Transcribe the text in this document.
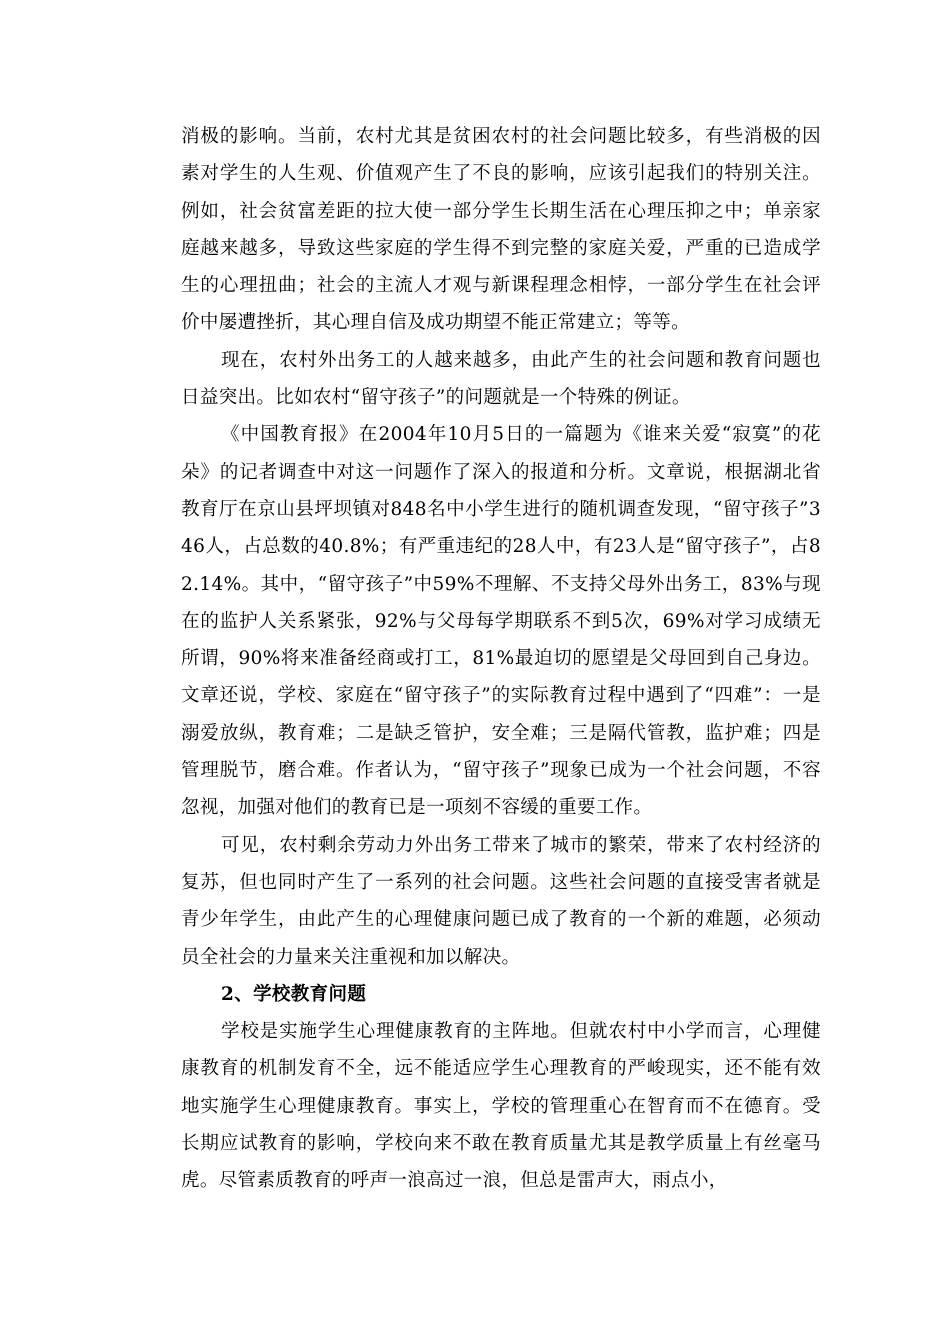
消极的影响。当前，农村尤其是贫困农村的社会问题比较多，有些消极的因素对学生的人生观、价值观产生了不良的影响，应该引起我们的特别关注。例如，社会贫富差距的拉大使一部分学生长期生活在心理压抑之中；单亲家庭越来越多，导致这些家庭的学生得不到完整的家庭关爱，严重的已造成学生的心理扭曲；社会的主流人才观与新课程理念相悖，一部分学生在社会评价中屡遭挫折，其心理自信及成功期望不能正常建立；等等。

现在，农村外出务工的人越来越多，由此产生的社会问题和教育问题也日益突出。比如农村“留守孩子”的问题就是一个特殊的例证。

《中国教育报》在2004年10月5日的一篇题为《谁来关爱“寂寞”的花朵》的记者调查中对这一问题作了深入的报道和分析。文章说，根据湖北省教育厅在京山县坪坝镇对848名中小学生进行的随机调查发现，“留守孩子”346人，占总数的40.8%；有严重违纪的28人中，有23人是“留守孩子”，占82.14%。其中，“留守孩子”中59%不理解、不支持父母外出务工，83%与现在的监护人关系紧张，92%与父母每学期联系不到5次，69%对学习成绩无所谓，90%将来准备经商或打工，81%最迫切的愿望是父母回到自己身边。文章还说，学校、家庭在“留守孩子”的实际教育过程中遇到了“四难”：一是溺爱放纵，教育难；二是缺乏管护，安全难；三是隔代管教，监护难；四是管理脱节，磨合难。作者认为，“留守孩子”现象已成为一个社会问题，不容忽视，加强对他们的教育已是一项刻不容缓的重要工作。

可见，农村剩余劳动力外出务工带来了城市的繁荣，带来了农村经济的复苏，但也同时产生了一系列的社会问题。这些社会问题的直接受害者就是青少年学生，由此产生的心理健康问题已成了教育的一个新的难题，必须动员全社会的力量来关注重视和加以解决。

2、学校教育问题

学校是实施学生心理健康教育的主阵地。但就农村中小学而言，心理健康教育的机制发育不全，远不能适应学生心理教育的严峻现实，还不能有效地实施学生心理健康教育。事实上，学校的管理重心在智育而不在德育。受长期应试教育的影响，学校向来不敢在教育质量尤其是教学质量上有丝毫马虎。尽管素质教育的呼声一浪高过一浪，但总是雷声大，雨点小，
